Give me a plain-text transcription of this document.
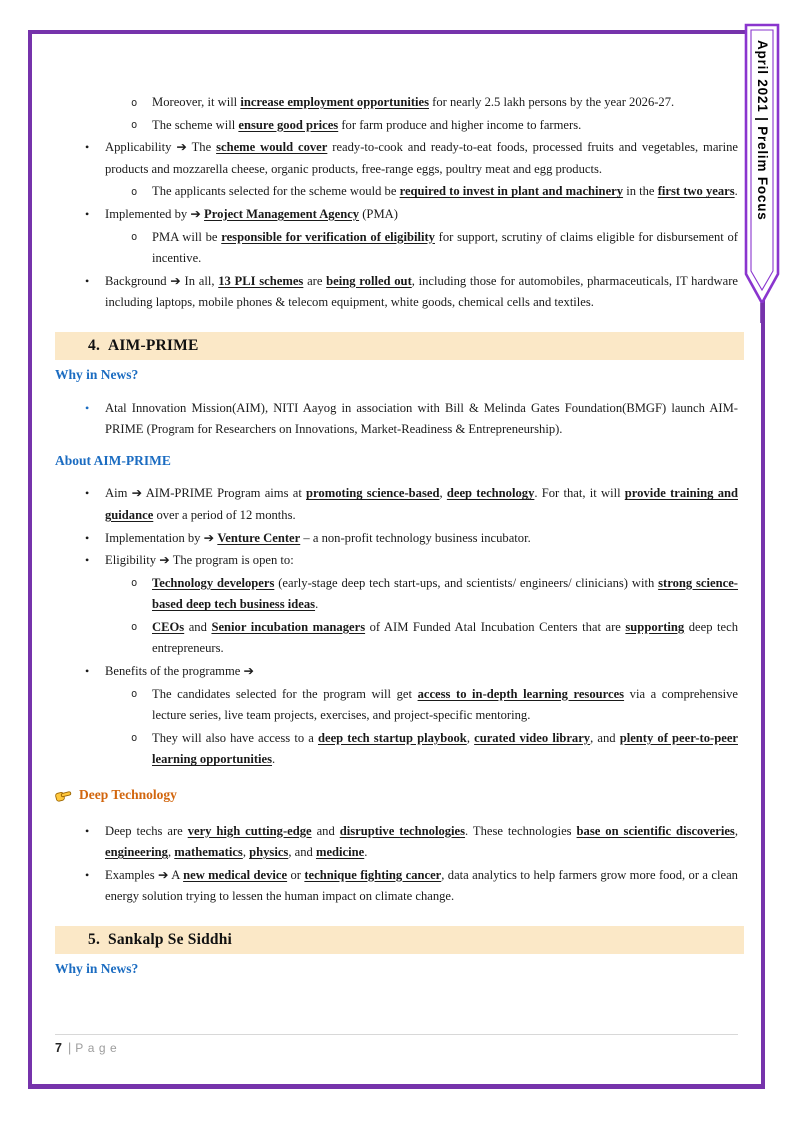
o Moreover, it will increase employment opportunities for nearly 2.5 lakh persons by the year 2026-27.
o The scheme will ensure good prices for farm produce and higher income to farmers.
• Applicability ➔ The scheme would cover ready-to-cook and ready-to-eat foods, processed fruits and vegetables, marine products and mozzarella cheese, organic products, free-range eggs, poultry meat and egg products.
o The applicants selected for the scheme would be required to invest in plant and machinery in the first two years.
• Implemented by ➔ Project Management Agency (PMA)
o PMA will be responsible for verification of eligibility for support, scrutiny of claims eligible for disbursement of incentive.
• Background ➔ In all, 13 PLI schemes are being rolled out, including those for automobiles, pharmaceuticals, IT hardware including laptops, mobile phones & telecom equipment, white goods, chemical cells and textiles.
4. AIM-PRIME
Why in News?
• Atal Innovation Mission(AIM), NITI Aayog in association with Bill & Melinda Gates Foundation(BMGF) launch AIM-PRIME (Program for Researchers on Innovations, Market-Readiness & Entrepreneurship).
About AIM-PRIME
• Aim ➔ AIM-PRIME Program aims at promoting science-based, deep technology. For that, it will provide training and guidance over a period of 12 months.
• Implementation by ➔ Venture Center – a non-profit technology business incubator.
• Eligibility ➔ The program is open to:
o Technology developers (early-stage deep tech start-ups, and scientists/ engineers/ clinicians) with strong science-based deep tech business ideas.
o CEOs and Senior incubation managers of AIM Funded Atal Incubation Centers that are supporting deep tech entrepreneurs.
• Benefits of the programme ➔
o The candidates selected for the program will get access to in-depth learning resources via a comprehensive lecture series, live team projects, exercises, and project-specific mentoring.
o They will also have access to a deep tech startup playbook, curated video library, and plenty of peer-to-peer learning opportunities.
Deep Technology
• Deep techs are very high cutting-edge and disruptive technologies. These technologies base on scientific discoveries, engineering, mathematics, physics, and medicine.
• Examples ➔ A new medical device or technique fighting cancer, data analytics to help farmers grow more food, or a clean energy solution trying to lessen the human impact on climate change.
5. Sankalp Se Siddhi
Why in News?
April 2021 | Prelim Focus
7 | Page
